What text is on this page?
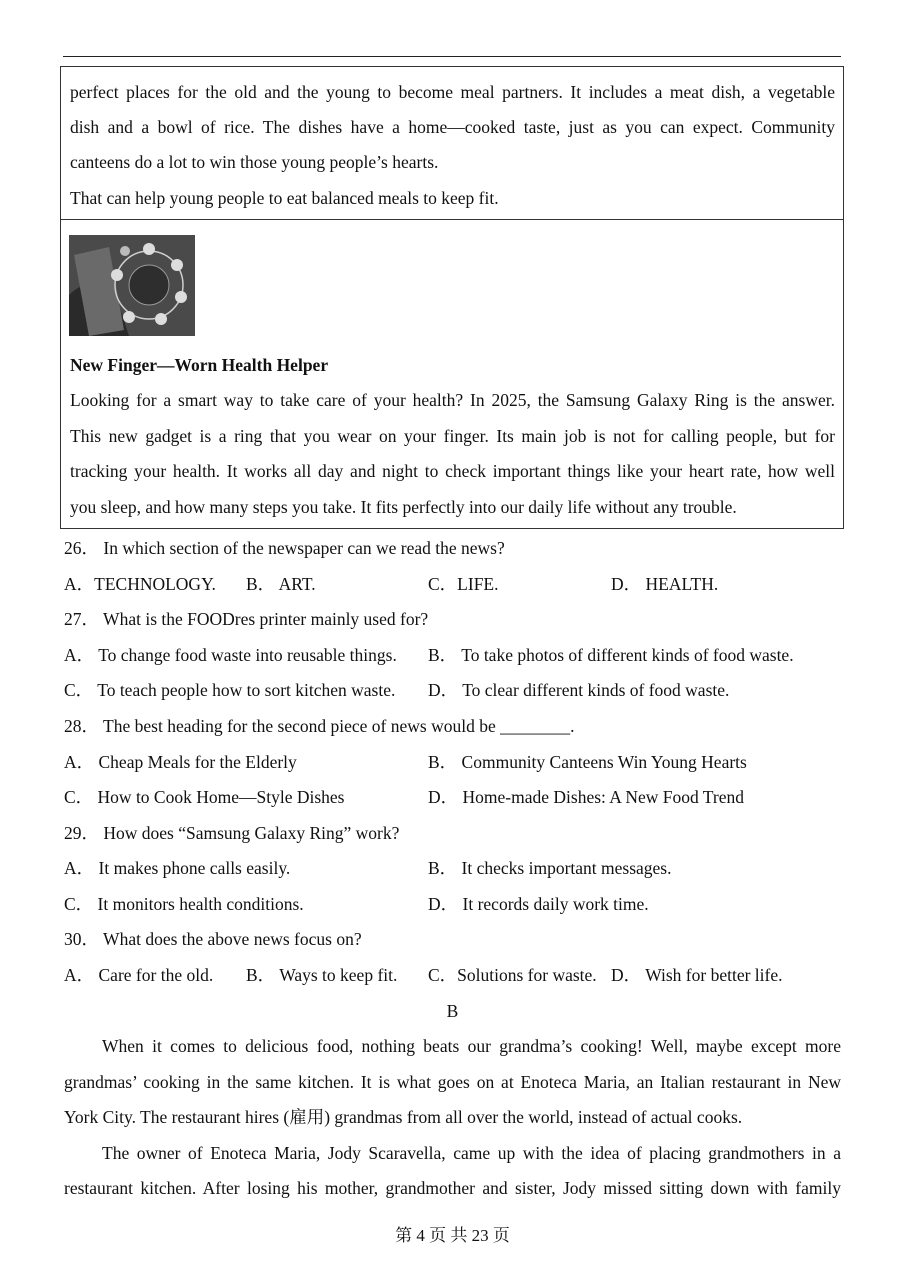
perfect places for the old and the young to become meal partners. It includes a meat dish, a vegetable
dish and a bowl of rice. The dishes have a home—cooked taste, just as you can expect. Community
canteens do a lot to win those young people’s hearts.
That can help young people to eat balanced meals to keep fit.
New Finger—Worn Health Helper
Looking for a smart way to take care of your health? In 2025, the Samsung Galaxy Ring is the answer.
This new gadget is a ring that you wear on your finger. Its main job is not for calling people, but for
tracking your health. It works all day and night to check important things like your heart rate, how well
you sleep, and how many steps you take. It fits perfectly into our daily life without any trouble.
26． In which section of the newspaper can we read the news?
A．TECHNOLOGY. B． ART.	C．LIFE.	D． HEALTH.
27． What is the FOODres printer mainly used for?
A． To change food waste into reusable things. B． To take photos of different kinds of food waste.
C． To teach people how to sort kitchen waste. D． To clear different kinds of food waste.
28． The best heading for the second piece of news would be ________.
A． Cheap Meals for the Elderly	B． Community Canteens Win Young Hearts
C． How to Cook Home—Style Dishes	D． Home-made Dishes: A New Food Trend
29． How does “Samsung Galaxy Ring” work?
A． It makes phone calls easily.	B． It checks important messages.
C． It monitors health conditions.	D． It records daily work time.
30． What does the above news focus on?
A． Care for the old. B． Ways to keep fit. C．Solutions for waste. D． Wish for better life.
B
When it comes to delicious food, nothing beats our grandma’s cooking! Well, maybe except more
grandmas’ cooking in the same kitchen. It is what goes on at Enoteca Maria, an Italian restaurant in New
York City. The restaurant hires (雇用) grandmas from all over the world, instead of actual cooks.
The owner of Enoteca Maria, Jody Scaravella, came up with the idea of placing grandmothers in a
restaurant kitchen. After losing his mother, grandmother and sister, Jody missed sitting down with family
第 4 页 共 23 页
